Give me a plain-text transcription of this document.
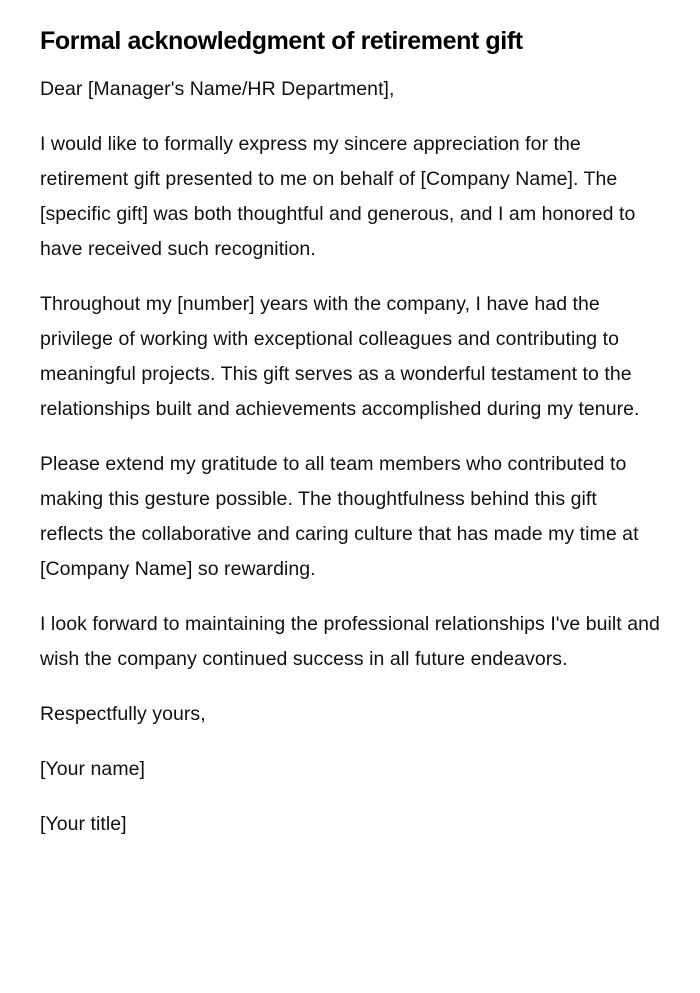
Formal acknowledgment of retirement gift

Dear [Manager's Name/HR Department],

I would like to formally express my sincere appreciation for the retirement gift presented to me on behalf of [Company Name]. The [specific gift] was both thoughtful and generous, and I am honored to have received such recognition.

Throughout my [number] years with the company, I have had the privilege of working with exceptional colleagues and contributing to meaningful projects. This gift serves as a wonderful testament to the relationships built and achievements accomplished during my tenure.

Please extend my gratitude to all team members who contributed to making this gesture possible. The thoughtfulness behind this gift reflects the collaborative and caring culture that has made my time at [Company Name] so rewarding.

I look forward to maintaining the professional relationships I've built and wish the company continued success in all future endeavors.

Respectfully yours,

[Your name]

[Your title]
